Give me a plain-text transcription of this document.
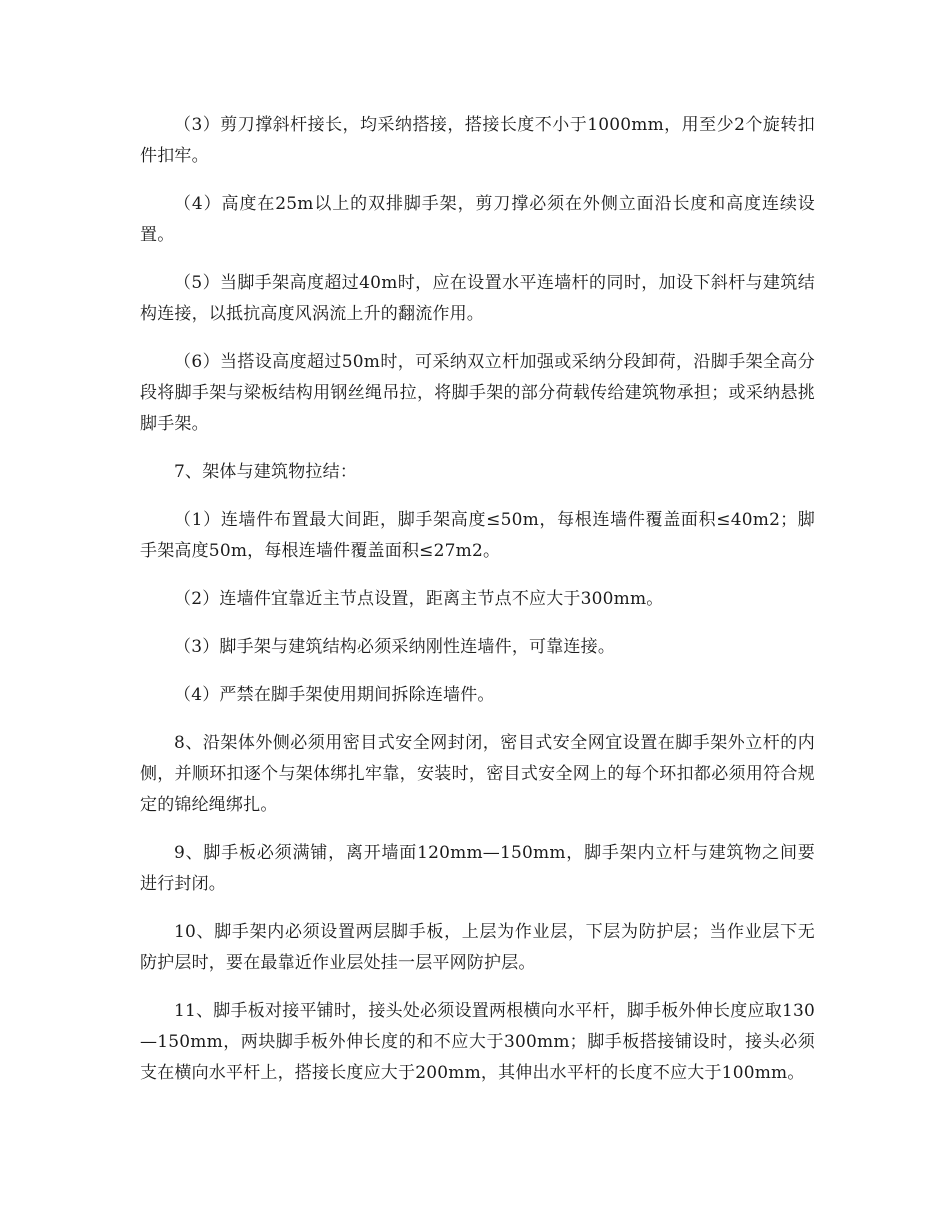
（3）剪刀撑斜杆接长，均采纳搭接，搭接长度不小于1000mm，用至少2个旋转扣件扣牢。

（4）高度在25m以上的双排脚手架，剪刀撑必须在外侧立面沿长度和高度连续设置。

（5）当脚手架高度超过40m时，应在设置水平连墙杆的同时，加设下斜杆与建筑结构连接，以抵抗高度风涡流上升的翻流作用。

（6）当搭设高度超过50m时，可采纳双立杆加强或采纳分段卸荷，沿脚手架全高分段将脚手架与梁板结构用钢丝绳吊拉，将脚手架的部分荷载传给建筑物承担；或采纳悬挑脚手架。

7、架体与建筑物拉结：

（1）连墙件布置最大间距，脚手架高度≤50m，每根连墙件覆盖面积≤40m2；脚手架高度50m，每根连墙件覆盖面积≤27m2。

（2）连墙件宜靠近主节点设置，距离主节点不应大于300mm。

（3）脚手架与建筑结构必须采纳刚性连墙件，可靠连接。

（4）严禁在脚手架使用期间拆除连墙件。

8、沿架体外侧必须用密目式安全网封闭，密目式安全网宜设置在脚手架外立杆的内侧，并顺环扣逐个与架体绑扎牢靠，安装时，密目式安全网上的每个环扣都必须用符合规定的锦纶绳绑扎。

9、脚手板必须满铺，离开墙面120mm—150mm，脚手架内立杆与建筑物之间要进行封闭。

10、脚手架内必须设置两层脚手板，上层为作业层，下层为防护层；当作业层下无防护层时，要在最靠近作业层处挂一层平网防护层。

11、脚手板对接平铺时，接头处必须设置两根横向水平杆，脚手板外伸长度应取130—150mm，两块脚手板外伸长度的和不应大于300mm；脚手板搭接铺设时，接头必须支在横向水平杆上，搭接长度应大于200mm，其伸出水平杆的长度不应大于100mm。
